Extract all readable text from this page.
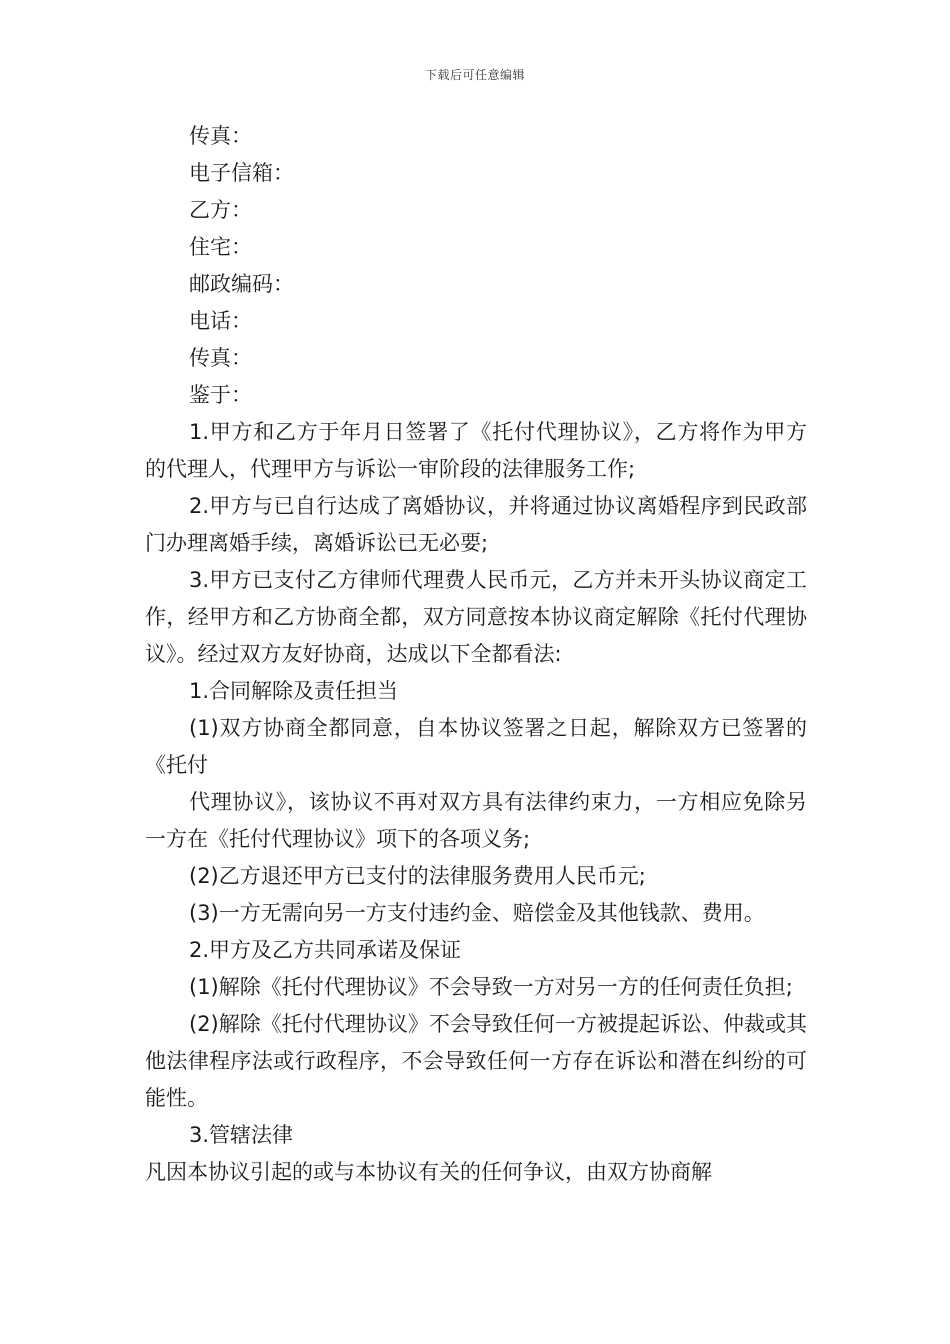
下载后可任意编辑

传真：

电子信箱：

乙方：

住宅：

邮政编码：

电话：

传真：

鉴于：

1.甲方和乙方于年月日签署了《托付代理协议》，乙方将作为甲方的代理人，代理甲方与诉讼一审阶段的法律服务工作;

2.甲方与已自行达成了离婚协议，并将通过协议离婚程序到民政部门办理离婚手续，离婚诉讼已无必要;

3.甲方已支付乙方律师代理费人民币元，乙方并未开头协议商定工作，经甲方和乙方协商全都，双方同意按本协议商定解除《托付代理协议》。经过双方友好协商，达成以下全都看法:

1.合同解除及责任担当

(1)双方协商全都同意，自本协议签署之日起，解除双方已签署的《托付

代理协议》，该协议不再对双方具有法律约束力，一方相应免除另一方在《托付代理协议》项下的各项义务;

(2)乙方退还甲方已支付的法律服务费用人民币元;

(3)一方无需向另一方支付违约金、赔偿金及其他钱款、费用。

2.甲方及乙方共同承诺及保证

(1)解除《托付代理协议》不会导致一方对另一方的任何责任负担;

(2)解除《托付代理协议》不会导致任何一方被提起诉讼、仲裁或其他法律程序法或行政程序，不会导致任何一方存在诉讼和潜在纠纷的可能性。

3.管辖法律

凡因本协议引起的或与本协议有关的任何争议，由双方协商解
